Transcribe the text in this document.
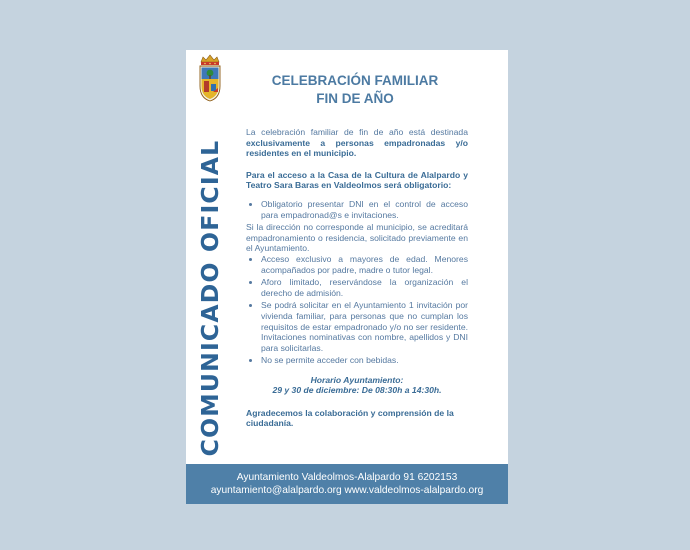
COMUNICADO OFICIAL
CELEBRACIÓN FAMILIAR
FIN DE AÑO

La celebración familiar de fin de año está destinada exclusivamente a personas empadronadas y/o residentes en el municipio.

Para el acceso a la Casa de la Cultura de Alalpardo y Teatro Sara Baras en Valdeolmos será obligatorio:

• Obligatorio presentar DNI en el control de acceso para empadronad@s e invitaciones.

Si la dirección no corresponde al municipio, se acreditará empadronamiento o residencia, solicitado previamente en el Ayuntamiento.

• Acceso exclusivo a mayores de edad. Menores acompañados por padre, madre o tutor legal.
• Aforo limitado, reservándose la organización el derecho de admisión.
• Se podrá solicitar en el Ayuntamiento 1 invitación por vivienda familiar, para personas que no cumplan los requisitos de estar empadronado y/o no ser residente. Invitaciones nominativas con nombre, apellidos y DNI para solicitarlas.
• No se permite acceder con bebidas.
Horario Ayuntamiento:
29 y 30 de diciembre: De 08:30h a 14:30h.

Agradecemos la colaboración y comprensión de la ciudadanía.

Ayuntamiento Valdeolmos-Alalpardo 91 6202153
ayuntamiento@alalpardo.org www.valdeolmos-alalpardo.org
